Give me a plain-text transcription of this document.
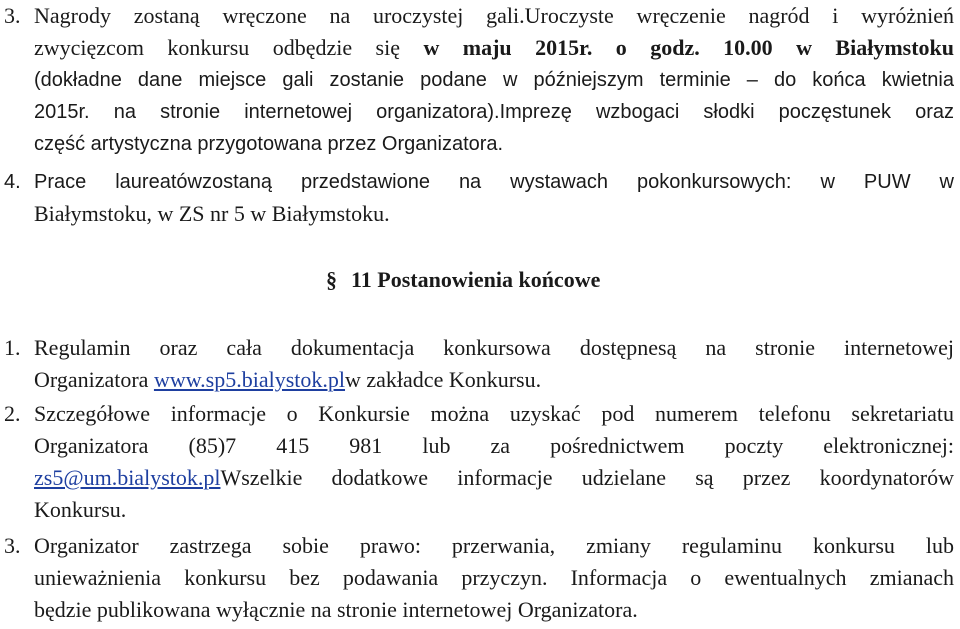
3. Nagrody zostaną wręczone na uroczystej gali.Uroczyste wręczenie nagród i wyróżnień
zwycięzcom konkursu odbędzie się w maju 2015r. o godz. 10.00 w Białymstoku
(dokładne dane miejsce gali zostanie podane w późniejszym terminie – do końca kwietnia
2015r. na stronie internetowej organizatora).Imprezę wzbogaci słodki poczęstunek oraz
część artystyczna przygotowana przez Organizatora.
4. Prace laureatówzostaną przedstawione na wystawach pokonkursowych: w PUW w
Białymstoku, w ZS nr 5 w Białymstoku.
§ 11 Postanowienia końcowe
1. Regulamin oraz cała dokumentacja konkursowa dostępnesą na stronie internetowej
Organizatora www.sp5.bialystok.plw zakładce Konkursu.
2. Szczegółowe informacje o Konkursie można uzyskać pod numerem telefonu sekretariatu
Organizatora (85)7 415 981 lub za pośrednictwem poczty elektronicznej:
zs5@um.bialystok.plWszelkie dodatkowe informacje udzielane są przez koordynatorów
Konkursu.
3. Organizator zastrzega sobie prawo: przerwania, zmiany regulaminu konkursu lub
unieważnienia konkursu bez podawania przyczyn. Informacja o ewentualnych zmianach
będzie publikowana wyłącznie na stronie internetowej Organizatora.
